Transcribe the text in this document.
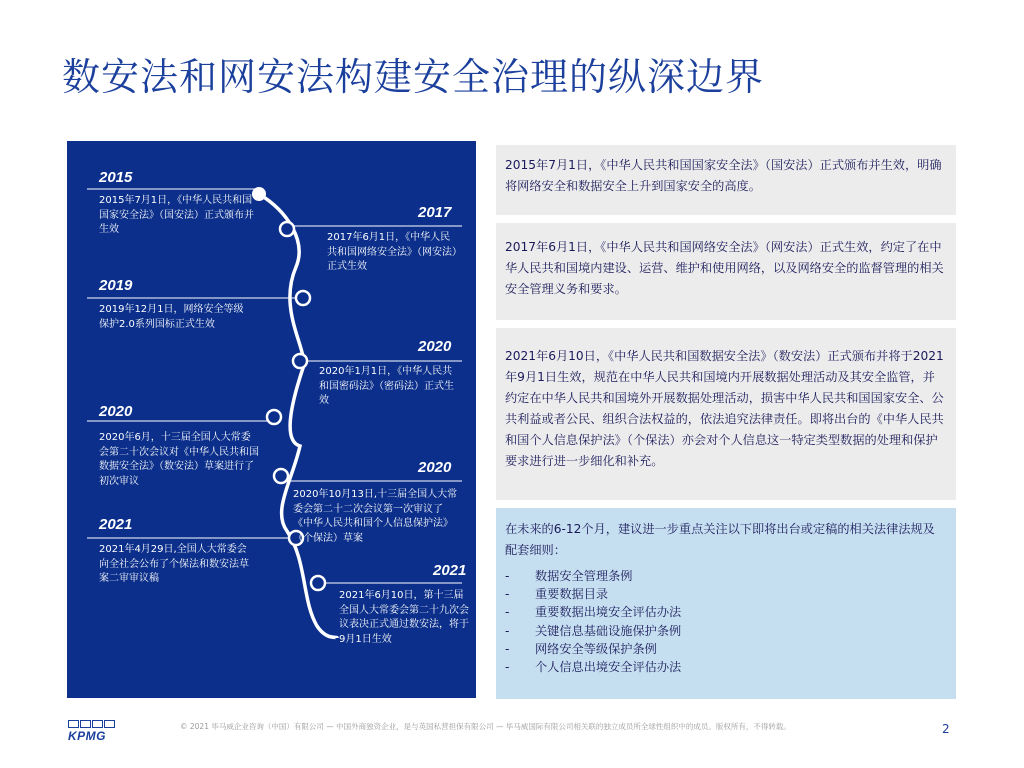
数安法和网安法构建安全治理的纵深边界
2015
2015年7月1日，《中华人民共和国国家安全法》（国安法）正式颁布并生效
2017
2017年6月1日，《中华人民共和国网络安全法》（网安法）正式生效
2019
2019年12月1日，网络安全等级保护2.0系列国标正式生效
2020
2020年1月1日，《中华人民共和国密码法》（密码法）正式生效
2020
2020年6月，十三届全国人大常委会第二十次会议对《中华人民共和国数据安全法》（数安法）草案进行了初次审议
2020
2020年10月13日,十三届全国人大常委会第二十二次会议第一次审议了《中华人民共和国个人信息保护法》（个保法）草案
2021
2021年4月29日,全国人大常委会向全社会公布了个保法和数安法草案二审审议稿	2021
2021年6月10日，第十三届全国人大常委会第二十九次会议表决正式通过数安法，将于9月1日生效

2015年7月1日，《中华人民共和国国家安全法》（国安法）正式颁布并生效，明确将网络安全和数据安全上升到国家安全的高度。

2017年6月1日，《中华人民共和国网络安全法》（网安法）正式生效，约定了在中华人民共和国境内建设、运营、维护和使用网络，以及网络安全的监督管理的相关安全管理义务和要求。

2021年6月10日，《中华人民共和国数据安全法》（数安法）正式颁布并将于2021年9月1日生效，规范在中华人民共和国境内开展数据处理活动及其安全监管，并约定在中华人民共和国境外开展数据处理活动，损害中华人民共和国国家安全、公共利益或者公民、组织合法权益的，依法追究法律责任。即将出台的《中华人民共和国个人信息保护法》（个保法）亦会对个人信息这一特定类型数据的处理和保护要求进行进一步细化和补充。

在未来的6-12个月，建议进一步重点关注以下即将出台或定稿的相关法律法规及配套细则：

- 数据安全管理条例
- 重要数据目录
- 重要数据出境安全评估办法
- 关键信息基础设施保护条例
- 网络安全等级保护条例
- 个人信息出境安全评估办法
KPMG
© 2021 毕马威企业咨询（中国）有限公司 — 中国外商独资企业，是与英国私营担保有限公司 — 毕马威国际有限公司相关联的独立成员所全球性组织中的成员。版权所有，不得转载。	2
